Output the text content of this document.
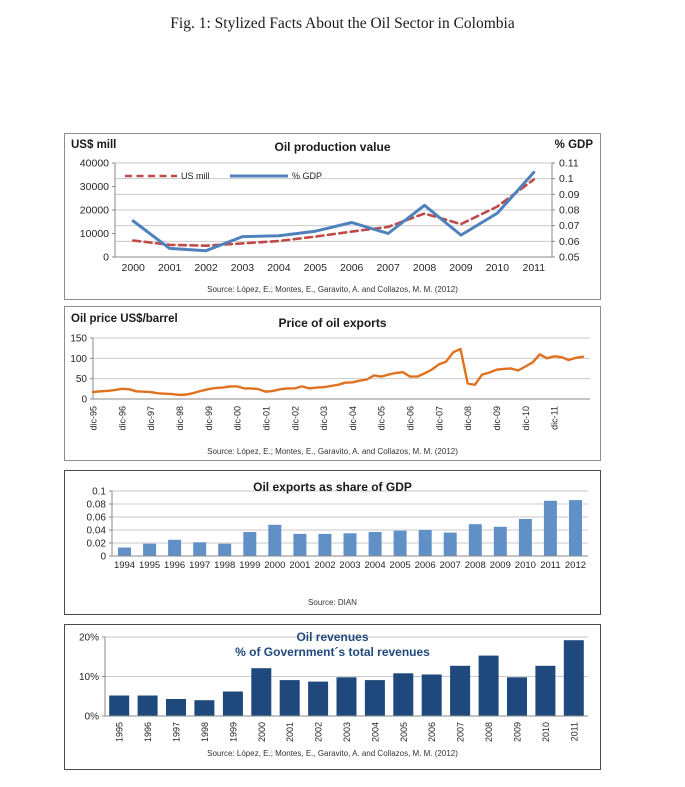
Fig. 1: Stylized Facts About the Oil Sector in Colombia
40000
30000
20000
10000
0
0.11
0.1
0.09
0.08
0.07
0.06
0.05
2000 2001 2002 2003 2004 2005 2006 2007 2008 2009 2010 2011
US mill	% GDP
US$ mill	Oil production value	% GDP
Source: López, E.; Montes, E., Garavito, A. and Collazos, M. M. (2012)
150
100
50
0
dic-95 dic-96 dic-97 dic-98 dic-99 dic-00 dic-01 dic-02 dic-03 dic-04 dic-05 dic-06 dic-07 dic-08 dic-09 dic-10 dic-11
Oil price US$/barrel	Price of oil exports
Source: López, E.; Montes, E., Garavito, A. and Collazos, M. M. (2012)
0.1
0.08
0.06
0.04
0.02
0
1994 1995 1996 1997 1998 1999 2000 2001 2002 2003 2004 2005 2006 2007 2008 2009 2010 2011 2012
Oil exports as share of GDP
Source: DIAN
20%
10%
0%
1995 1996 1997 1998 1999 2000 2001 2002 2003 2004 2005 2006 2007 2008 2009 2010 2011
Oil revenues
% of Government´s total revenues
Source: López, E.; Montes, E., Garavito, A. and Collazos, M. M. (2012)
